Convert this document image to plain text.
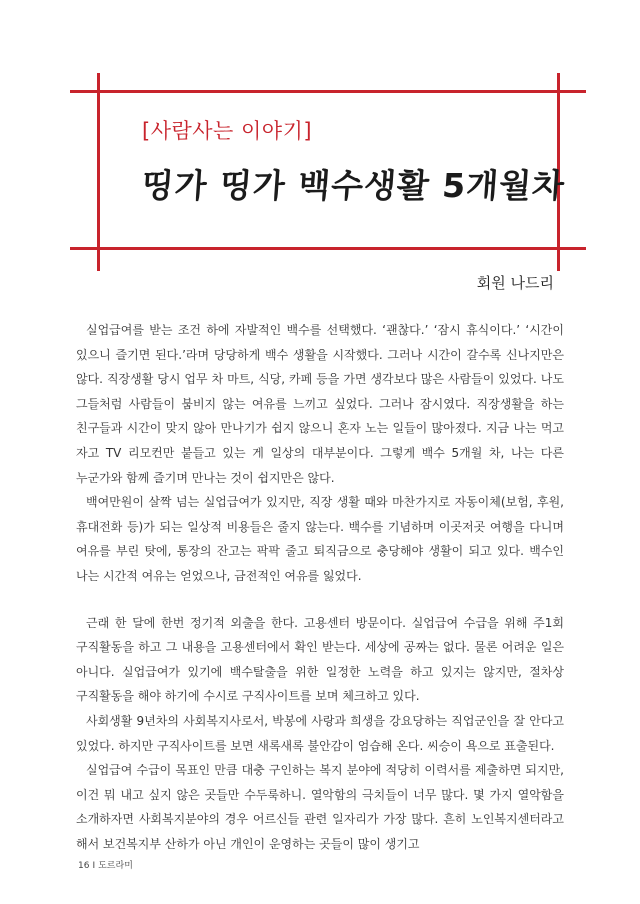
[사람사는 이야기]
띵가 띵가 백수생활 5개월차
회원 나드리

실업급여를 받는 조건 하에 자발적인 백수를 선택했다. ‘괜찮다.’ ‘잠시 휴식이다.’ ‘시간이 있으니 즐기면 된다.’라며 당당하게 백수 생활을 시작했다. 그러나 시간이 갈수록 신나지만은 않다. 직장생활 당시 업무 차 마트, 식당, 카페 등을 가면 생각보다 많은 사람들이 있었다. 나도 그들처럼 사람들이 붐비지 않는 여유를 느끼고 싶었다. 그러나 잠시였다. 직장생활을 하는 친구들과 시간이 맞지 않아 만나기가 쉽지 않으니 혼자 노는 일들이 많아졌다. 지금 나는 먹고 자고 TV 리모컨만 붙들고 있는 게 일상의 대부분이다. 그렇게 백수 5개월 차, 나는 다른 누군가와 함께 즐기며 만나는 것이 쉽지만은 않다.

백여만원이 살짝 넘는 실업급여가 있지만, 직장 생활 때와 마찬가지로 자동이체(보험, 후원, 휴대전화 등)가 되는 일상적 비용들은 줄지 않는다. 백수를 기념하며 이곳저곳 여행을 다니며 여유를 부린 탓에, 통장의 잔고는 팍팍 줄고 퇴직금으로 충당해야 생활이 되고 있다. 백수인 나는 시간적 여유는 얻었으나, 금전적인 여유를 잃었다.

근래 한 달에 한번 정기적 외출을 한다. 고용센터 방문이다. 실업급여 수급을 위해 주1회 구직활동을 하고 그 내용을 고용센터에서 확인 받는다. 세상에 공짜는 없다. 물론 어려운 일은 아니다. 실업급여가 있기에 백수탈출을 위한 일정한 노력을 하고 있지는 않지만, 절차상 구직활동을 해야 하기에 수시로 구직사이트를 보며 체크하고 있다.

사회생활 9년차의 사회복지사로서, 박봉에 사랑과 희생을 강요당하는 직업군인을 잘 안다고 있었다. 하지만 구직사이트를 보면 새록새록 불안감이 엄습해 온다. 씨승이 욕으로 표출된다.

실업급여 수급이 목표인 만큼 대충 구인하는 복지 분야에 적당히 이력서를 제출하면 되지만, 이건 뭐 내고 싶지 않은 곳들만 수두룩하니. 열악함의 극치들이 너무 많다. 몇 가지 열악함을 소개하자면 사회복지분야의 경우 어르신들 관련 일자리가 가장 많다. 흔히 노인복지센터라고 해서 보건복지부 산하가 아닌 개인이 운영하는 곳들이 많이 생기고

16 I 도르라미
